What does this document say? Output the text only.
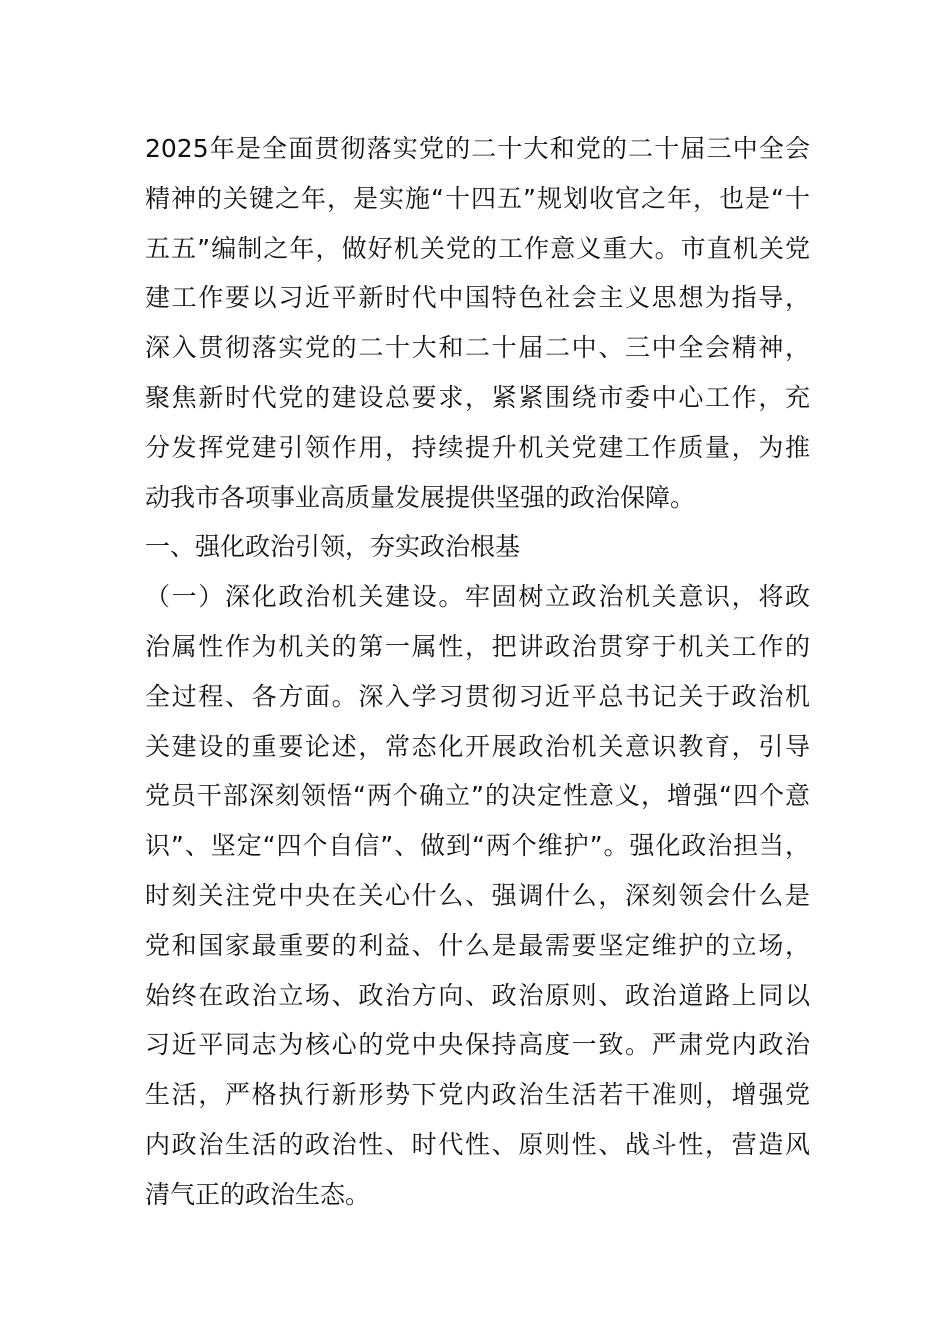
2025年是全面贯彻落实党的二十大和党的二十届三中全会
精神的关键之年，是实施“十四五”规划收官之年，也是“十
五五”编制之年，做好机关党的工作意义重大。市直机关党
建工作要以习近平新时代中国特色社会主义思想为指导，
深入贯彻落实党的二十大和二十届二中、三中全会精神，
聚焦新时代党的建设总要求，紧紧围绕市委中心工作，充
分发挥党建引领作用，持续提升机关党建工作质量，为推
动我市各项事业高质量发展提供坚强的政治保障。
一、强化政治引领，夯实政治根基
（一）深化政治机关建设。牢固树立政治机关意识，将政
治属性作为机关的第一属性，把讲政治贯穿于机关工作的
全过程、各方面。深入学习贯彻习近平总书记关于政治机
关建设的重要论述，常态化开展政治机关意识教育，引导
党员干部深刻领悟“两个确立”的决定性意义，增强“四个意
识”、坚定“四个自信”、做到“两个维护”。强化政治担当，
时刻关注党中央在关心什么、强调什么，深刻领会什么是
党和国家最重要的利益、什么是最需要坚定维护的立场，
始终在政治立场、政治方向、政治原则、政治道路上同以
习近平同志为核心的党中央保持高度一致。严肃党内政治
生活，严格执行新形势下党内政治生活若干准则，增强党
内政治生活的政治性、时代性、原则性、战斗性，营造风
清气正的政治生态。
